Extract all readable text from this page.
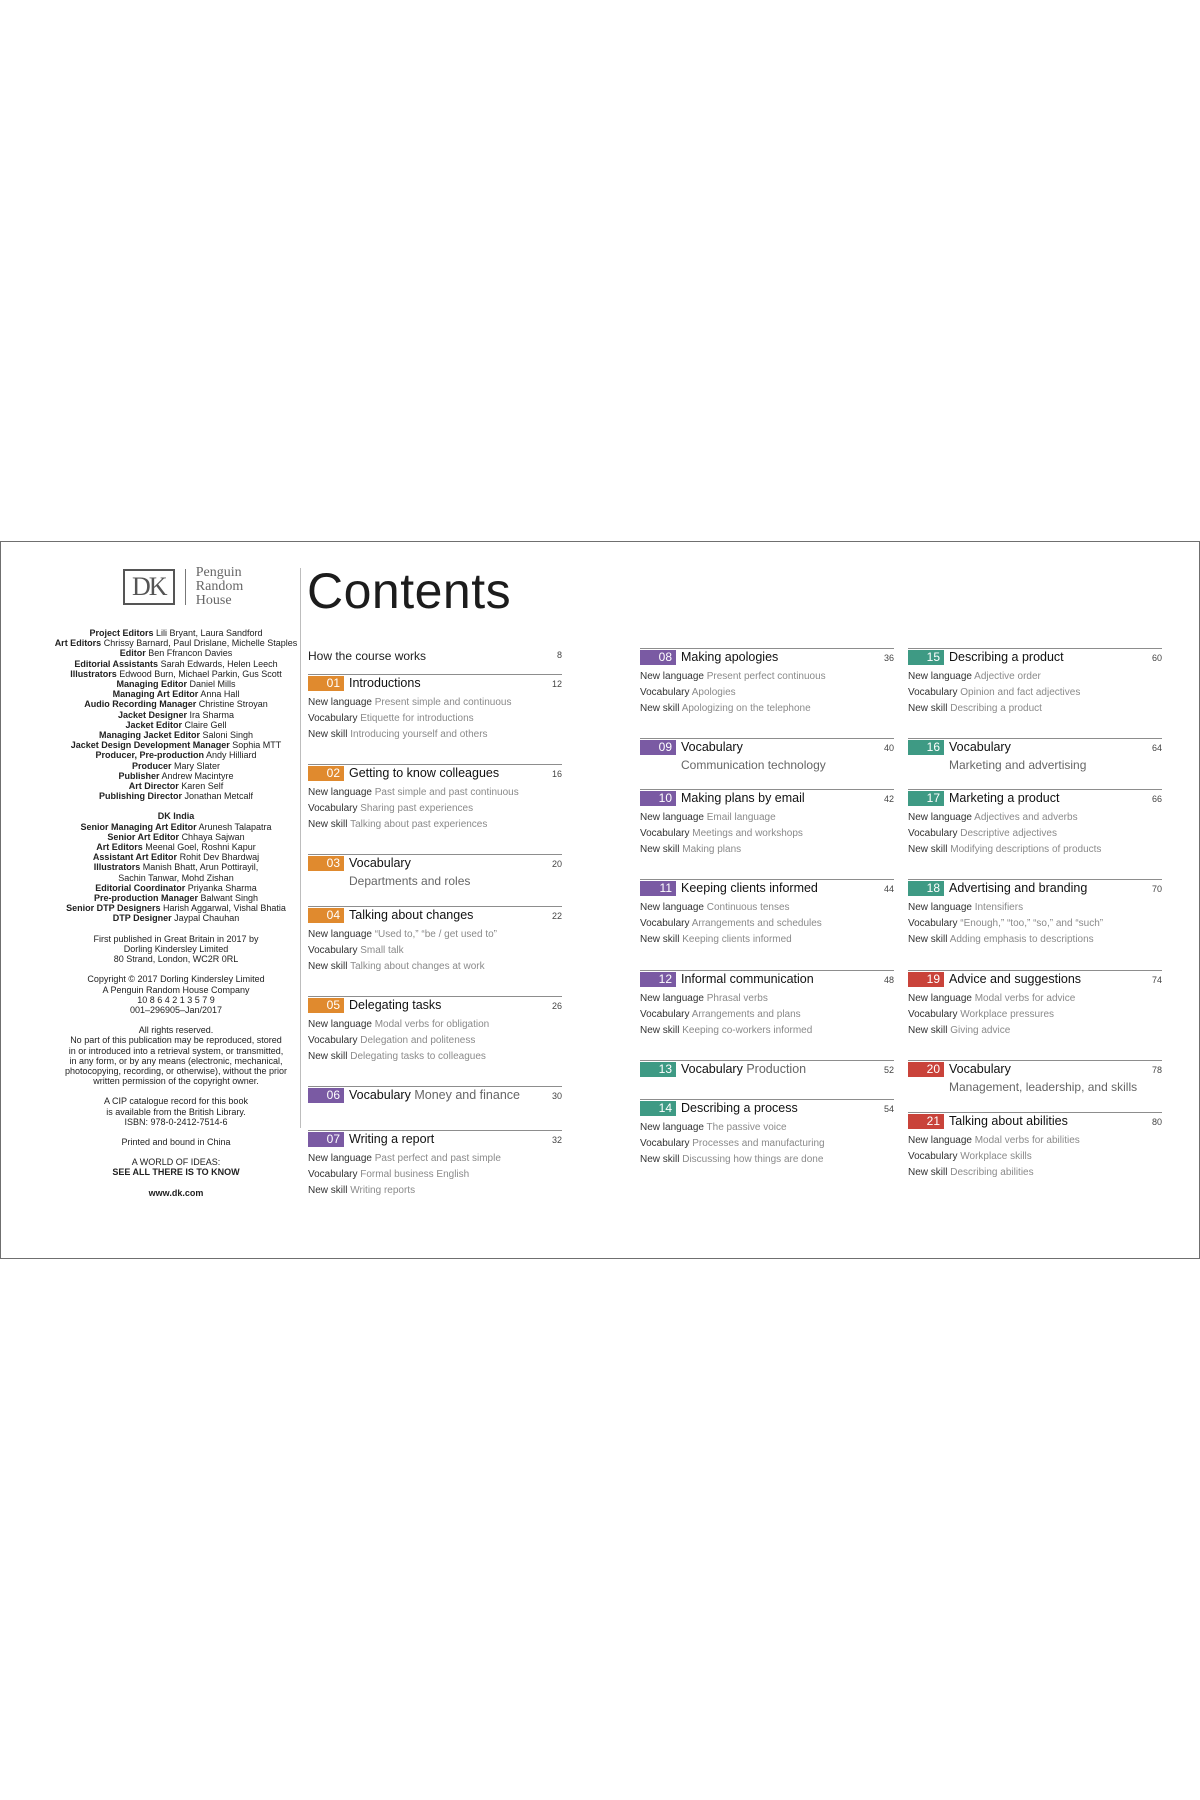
DK	Penguin
Random
House
Project Editors Lili Bryant, Laura Sandford
Art Editors Chrissy Barnard, Paul Drislane, Michelle Staples
Editor Ben Ffrancon Davies
Editorial Assistants Sarah Edwards, Helen Leech
Illustrators Edwood Burn, Michael Parkin, Gus Scott
Managing Editor Daniel Mills
Managing Art Editor Anna Hall
Audio Recording Manager Christine Stroyan
Jacket Designer Ira Sharma
Jacket Editor Claire Gell
Managing Jacket Editor Saloni Singh
Jacket Design Development Manager Sophia MTT
Producer, Pre-production Andy Hilliard
Producer Mary Slater
Publisher Andrew Macintyre
Art Director Karen Self
Publishing Director Jonathan Metcalf
DK India
Senior Managing Art Editor Arunesh Talapatra
Senior Art Editor Chhaya Sajwan
Art Editors Meenal Goel, Roshni Kapur
Assistant Art Editor Rohit Dev Bhardwaj
Illustrators Manish Bhatt, Arun Pottirayil,
Sachin Tanwar, Mohd Zishan
Editorial Coordinator Priyanka Sharma
Pre-production Manager Balwant Singh
Senior DTP Designers Harish Aggarwal, Vishal Bhatia
DTP Designer Jaypal Chauhan
First published in Great Britain in 2017 by
Dorling Kindersley Limited
80 Strand, London, WC2R 0RL
Copyright © 2017 Dorling Kindersley Limited
A Penguin Random House Company
10 8 6 4 2 1 3 5 7 9
001–296905–Jan/2017
All rights reserved.
No part of this publication may be reproduced, stored
in or introduced into a retrieval system, or transmitted,
in any form, or by any means (electronic, mechanical,
photocopying, recording, or otherwise), without the prior
written permission of the copyright owner.
A CIP catalogue record for this book
is available from the British Library.
ISBN: 978-0-2412-7514-6
Printed and bound in China
A WORLD OF IDEAS:
SEE ALL THERE IS TO KNOW
www.dk.com
Contents
How the course works	8
01 Introductions	12
New language Present simple and continuous
Vocabulary Etiquette for introductions
New skill Introducing yourself and others
02 Getting to know colleagues	16
New language Past simple and past continuous
Vocabulary Sharing past experiences
New skill Talking about past experiences
03 Vocabulary	20
Departments and roles
04 Talking about changes	22
New language “Used to,” “be / get used to”
Vocabulary Small talk
New skill Talking about changes at work
05 Delegating tasks	26
New language Modal verbs for obligation
Vocabulary Delegation and politeness
New skill Delegating tasks to colleagues
06 Vocabulary Money and finance	30
07 Writing a report	32
New language Past perfect and past simple
Vocabulary Formal business English
New skill Writing reports
08 Making apologies	36
New language Present perfect continuous
Vocabulary Apologies
New skill Apologizing on the telephone
09 Vocabulary	40
Communication technology
10 Making plans by email	42
New language Email language
Vocabulary Meetings and workshops
New skill Making plans
11 Keeping clients informed	44
New language Continuous tenses
Vocabulary Arrangements and schedules
New skill Keeping clients informed
12 Informal communication	48
New language Phrasal verbs
Vocabulary Arrangements and plans
New skill Keeping co-workers informed
13 Vocabulary Production	52
14 Describing a process	54
New language The passive voice
Vocabulary Processes and manufacturing
New skill Discussing how things are done
15 Describing a product	60
New language Adjective order
Vocabulary Opinion and fact adjectives
New skill Describing a product
16 Vocabulary	64
Marketing and advertising
17 Marketing a product	66
New language Adjectives and adverbs
Vocabulary Descriptive adjectives
New skill Modifying descriptions of products
18 Advertising and branding	70
New language Intensifiers
Vocabulary “Enough,” “too,” “so,” and “such”
New skill Adding emphasis to descriptions
19 Advice and suggestions	74
New language Modal verbs for advice
Vocabulary Workplace pressures
New skill Giving advice
20 Vocabulary	78
Management, leadership, and skills
21 Talking about abilities	80
New language Modal verbs for abilities
Vocabulary Workplace skills
New skill Describing abilities
